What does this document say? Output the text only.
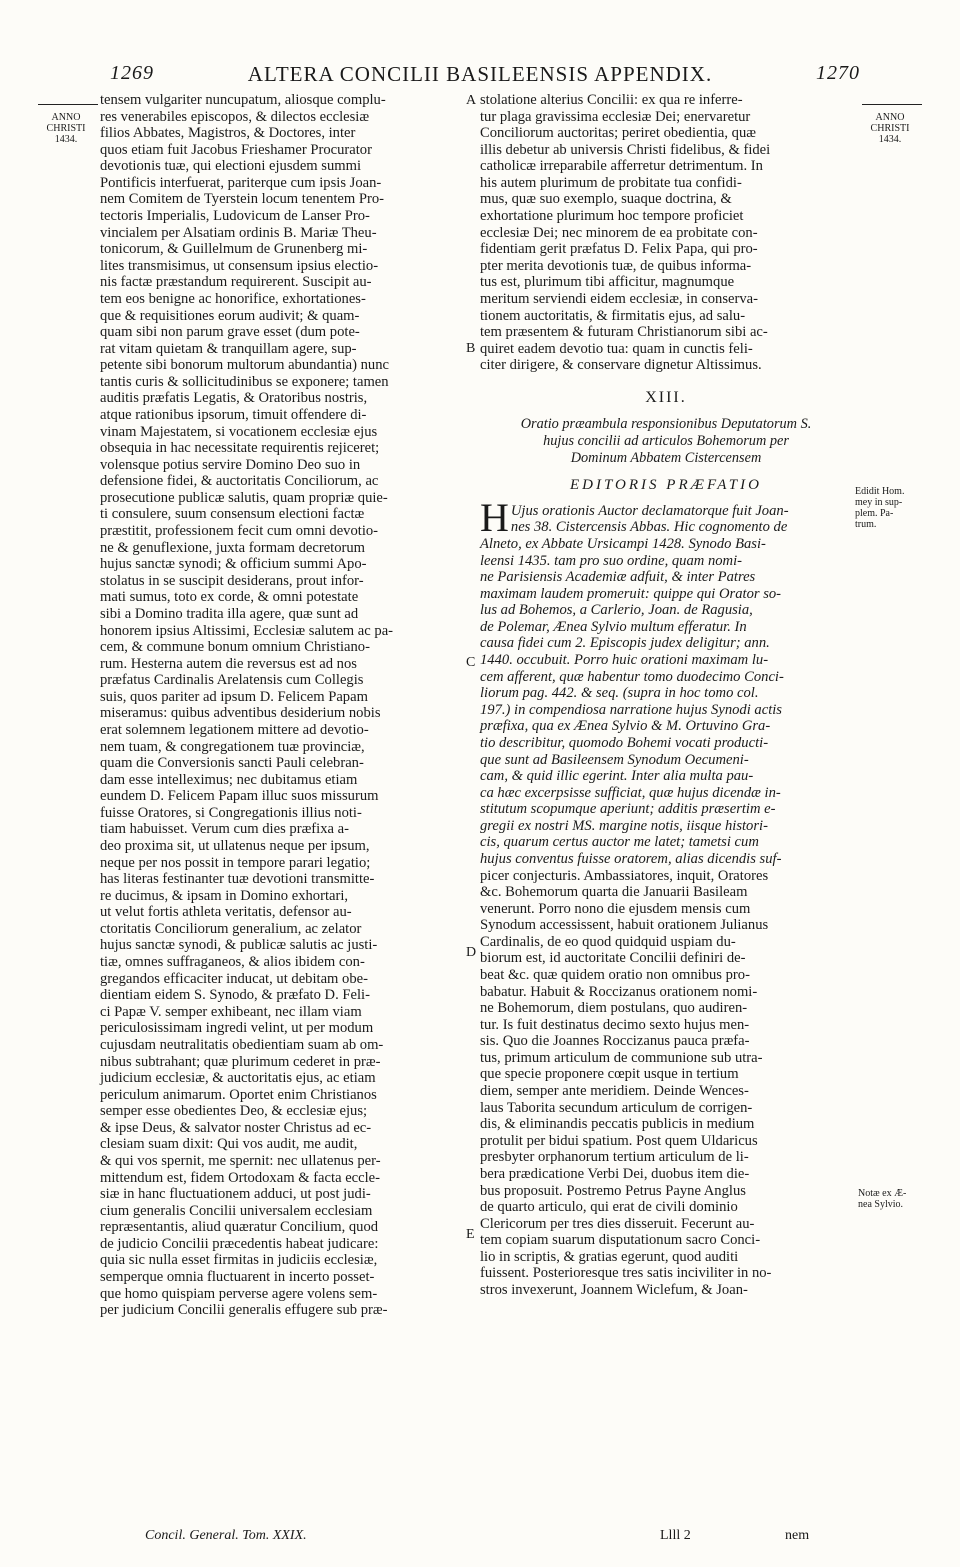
1269	ALTERA CONCILII BASILEENSIS APPENDIX.	1270
ANNO
CHRISTI
1434.
ANNO
CHRISTI
1434.
Edidit Hom.
mey in sup-
plem. Pa-
trum.
Notæ ex Æ-
nea Sylvio.
A
B
C
D
E
tensem vulgariter nuncupatum, aliosque complu-
res venerabiles episcopos, & dilectos ecclesiæ
filios Abbates, Magistros, & Doctores, inter
quos etiam fuit Jacobus Frieshamer Procurator
devotionis tuæ, qui electioni ejusdem summi
Pontificis interfuerat, pariterque cum ipsis Joan-
nem Comitem de Tyerstein locum tenentem Pro-
tectoris Imperialis, Ludovicum de Lanser Pro-
vincialem per Alsatiam ordinis B. Mariæ Theu-
tonicorum, & Guillelmum de Grunenberg mi-
lites transmisimus, ut consensum ipsius electio-
nis factæ præstandum requirerent. Suscipit au-
tem eos benigne ac honorifice, exhortationes-
que & requisitiones eorum audivit; & quam-
quam sibi non parum grave esset (dum pote-
rat vitam quietam & tranquillam agere, sup-
petente sibi bonorum multorum abundantia) nunc
tantis curis & sollicitudinibus se exponere; tamen
auditis præfatis Legatis, & Oratoribus nostris,
atque rationibus ipsorum, timuit offendere di-
vinam Majestatem, si vocationem ecclesiæ ejus
obsequia in hac necessitate requirentis rejiceret;
volensque potius servire Domino Deo suo in
defensione fidei, & auctoritatis Conciliorum, ac
prosecutione publicæ salutis, quam propriæ quie-
ti consulere, suum consensum electioni factæ
præstitit, professionem fecit cum omni devotio-
ne & genuflexione, juxta formam decretorum
hujus sanctæ synodi; & officium summi Apo-
stolatus in se suscipit desiderans, prout infor-
mati sumus, toto ex corde, & omni potestate
sibi a Domino tradita illa agere, quæ sunt ad
honorem ipsius Altissimi, Ecclesiæ salutem ac pa-
cem, & commune bonum omnium Christiano-
rum. Hesterna autem die reversus est ad nos
præfatus Cardinalis Arelatensis cum Collegis
suis, quos pariter ad ipsum D. Felicem Papam
miseramus: quibus adventibus desiderium nobis
erat solemnem legationem mittere ad devotio-
nem tuam, & congregationem tuæ provinciæ,
quam die Conversionis sancti Pauli celebran-
dam esse intelleximus; nec dubitamus etiam
eundem D. Felicem Papam illuc suos missurum
fuisse Oratores, si Congregationis illius noti-
tiam habuisset. Verum cum dies præfixa a-
deo proxima sit, ut ullatenus neque per ipsum,
neque per nos possit in tempore parari legatio;
has literas festinanter tuæ devotioni transmitte-
re ducimus, & ipsam in Domino exhortari,
ut velut fortis athleta veritatis, defensor au-
ctoritatis Conciliorum generalium, ac zelator
hujus sanctæ synodi, & publicæ salutis ac justi-
tiæ, omnes suffraganeos, & alios ibidem con-
gregandos efficaciter inducat, ut debitam obe-
dientiam eidem S. Synodo, & præfato D. Feli-
ci Papæ V. semper exhibeant, nec illam viam
periculosissimam ingredi velint, ut per modum
cujusdam neutralitatis obedientiam suam ab om-
nibus subtrahant; quæ plurimum cederet in præ-
judicium ecclesiæ, & auctoritatis ejus, ac etiam
periculum animarum. Oportet enim Christianos
semper esse obedientes Deo, & ecclesiæ ejus;
& ipse Deus, & salvator noster Christus ad ec-
clesiam suam dixit: Qui vos audit, me audit,
& qui vos spernit, me spernit: nec ullatenus per-
mittendum est, fidem Ortodoxam & facta eccle-
siæ in hanc fluctuationem adduci, ut post judi-
cium generalis Concilii universalem ecclesiam
repræsentantis, aliud quæratur Concilium, quod
de judicio Concilii præcedentis habeat judicare:
quia sic nulla esset firmitas in judiciis ecclesiæ,
semperque omnia fluctuarent in incerto posset-
que homo quispiam perverse agere volens sem-
per judicium Concilii generalis effugere sub præ-
stolatione alterius Concilii: ex qua re inferre-
tur plaga gravissima ecclesiæ Dei; enervaretur
Conciliorum auctoritas; periret obedientia, quæ
illis debetur ab universis Christi fidelibus, & fidei
catholicæ irreparabile afferretur detrimentum. In
his autem plurimum de probitate tua confidi-
mus, quæ suo exemplo, suaque doctrina, &
exhortatione plurimum hoc tempore proficiet
ecclesiæ Dei; nec minorem de ea probitate con-
fidentiam gerit præfatus D. Felix Papa, qui pro-
pter merita devotionis tuæ, de quibus informa-
tus est, plurimum tibi afficitur, magnumque
meritum serviendi eidem ecclesiæ, in conserva-
tionem auctoritatis, & firmitatis ejus, ad salu-
tem præsentem & futuram Christianorum sibi ac-
quiret eadem devotio tua: quam in cunctis feli-
citer dirigere, & conservare dignetur Altissimus.
XIII.
Oratio præambula responsionibus Deputatorum S.
hujus concilii ad articulos Bohemorum per
Dominum Abbatem Cistercensem
EDITORIS PRÆFATIO
H Ujus orationis Auctor declamatorque fuit Joan-
nes 38. Cistercensis Abbas. Hic cognomento de
Alneto, ex Abbate Ursicampi 1428. Synodo Basi-
leensi 1435. tam pro suo ordine, quam nomi-
ne Parisiensis Academiæ adfuit, & inter Patres
maximam laudem promeruit: quippe qui Orator so-
lus ad Bohemos, a Carlerio, Joan. de Ragusia,
de Polemar, Ænea Sylvio multum efferatur. In
causa fidei cum 2. Episcopis judex deligitur; ann.
1440. occubuit. Porro huic orationi maximam lu-
cem afferent, quæ habentur tomo duodecimo Conci-
liorum pag. 442. & seq. (supra in hoc tomo col.
197.) in compendiosa narratione hujus Synodi actis
præfixa, qua ex Ænea Sylvio & M. Ortuvino Gra-
tio describitur, quomodo Bohemi vocati producti-
que sunt ad Basileensem Synodum Oecumeni-
cam, & quid illic egerint. Inter alia multa pau-
ca hæc excerpsisse sufficiat, quæ hujus dicendæ in-
stitutum scopumque aperiunt; additis præsertim e-
gregii ex nostri MS. margine notis, iisque histori-
cis, quarum certus auctor me latet; tametsi cum
hujus conventus fuisse oratorem, alias dicendis suf-
picer conjecturis. Ambassiatores, inquit, Oratores
&c. Bohemorum quarta die Januarii Basileam
venerunt. Porro nono die ejusdem mensis cum
Synodum accessissent, habuit orationem Julianus
Cardinalis, de eo quod quidquid uspiam du-
biorum est, id auctoritate Concilii definiri de-
beat &c. quæ quidem oratio non omnibus pro-
babatur. Habuit & Roccizanus orationem nomi-
ne Bohemorum, diem postulans, quo audiren-
tur. Is fuit destinatus decimo sexto hujus men-
sis. Quo die Joannes Roccizanus pauca præfa-
tus, primum articulum de communione sub utra-
que specie proponere cœpit usque in tertium
diem, semper ante meridiem. Deinde Wences-
laus Taborita secundum articulum de corrigen-
dis, & eliminandis peccatis publicis in medium
protulit per bidui spatium. Post quem Uldaricus
presbyter orphanorum tertium articulum de li-
bera prædicatione Verbi Dei, duobus item die-
bus proposuit. Postremo Petrus Payne Anglus
de quarto articulo, qui erat de civili dominio
Clericorum per tres dies disseruit. Fecerunt au-
tem copiam suarum disputationum sacro Conci-
lio in scriptis, & gratias egerunt, quod auditi
fuissent. Posterioresque tres satis inciviliter in no-
stros invexerunt, Joannem Wiclefum, & Joan-
Concil. General. Tom. XXIX.	Llll 2	nem
